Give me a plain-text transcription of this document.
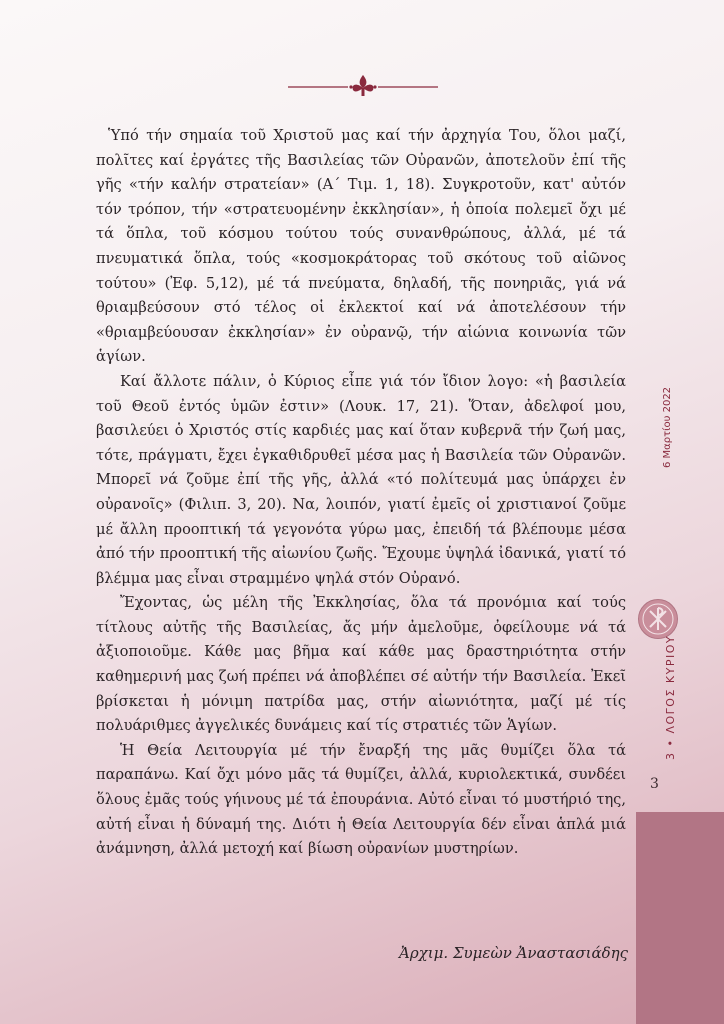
Ὑπό τήν σημαία τοῦ Χριστοῦ μας καί τήν ἀρχηγία Του, ὅλοι μαζί, πολῖτες καί ἐργάτες τῆς Βασιλείας τῶν Οὐρανῶν, ἀποτελοῦν ἐπί τῆς γῆς «τήν καλήν στρατείαν» (Α΄ Τιμ. 1, 18). Συγκροτοῦν, κατ' αὐτόν τόν τρόπον, τήν «στρατευομένην ἐκκλησίαν», ἡ ὁποία πολεμεῖ ὄχι μέ τά ὅπλα, τοῦ κόσμου τούτου τούς συνανθρώπους, ἀλλά, μέ τά πνευματικά ὅπλα, τούς «κοσμοκράτορας τοῦ σκότους τοῦ αἰῶνος τούτου» (Ἐφ. 5,12), μέ τά πνεύματα, δηλαδή, τῆς πονηριᾶς, γιά νά θριαμβεύσουν στό τέλος οἱ ἐκλεκτοί καί νά ἀποτελέσουν τήν «θριαμβεύουσαν ἐκκλησίαν» ἐν οὐρανῷ, τήν αἰώνια κοινωνία τῶν ἁγίων.

Καί ἄλλοτε πάλιν, ὁ Κύριος εἶπε γιά τόν ἴδιον λογο: «ἡ βασιλεία τοῦ Θεοῦ ἐντός ὑμῶν ἐστιν» (Λουκ. 17, 21). Ὅταν, ἀδελφοί μου, βασιλεύει ὁ Χριστός στίς καρδιές μας καί ὅταν κυβερνᾶ τήν ζωή μας, τότε, πράγματι, ἔχει ἐγκαθιδρυθεῖ μέσα μας ἡ Βασιλεία τῶν Οὐρανῶν. Μπορεῖ νά ζοῦμε ἐπί τῆς γῆς, ἀλλά «τό πολίτευμά μας ὑπάρχει ἐν οὐρανοῖς» (Φιλιπ. 3, 20). Να, λοιπόν, γιατί ἐμεῖς οἱ χριστιανοί ζοῦμε μέ ἄλλη προοπτική τά γεγονότα γύρω μας, ἐπειδή τά βλέπουμε μέσα ἀπό τήν προοπτική τῆς αἰωνίου ζωῆς. Ἔχουμε ὑψηλά ἰδανικά, γιατί τό βλέμμα μας εἶναι στραμμένο ψηλά στόν Οὐρανό.

Ἔχοντας, ὡς μέλη τῆς Ἐκκλησίας, ὅλα τά προνόμια καί τούς τίτλους αὐτῆς τῆς Βασιλείας, ἄς μήν ἀμελοῦμε, ὀφείλουμε νά τά ἀξιοποιοῦμε. Κάθε μας βῆμα καί κάθε μας δραστηριότητα στήν καθημερινή μας ζωή πρέπει νά ἀποβλέπει σέ αὐτήν τήν Βασιλεία. Ἐκεῖ βρίσκεται ἡ μόνιμη πατρίδα μας, στήν αἰωνιότητα, μαζί μέ τίς πολυάριθμες ἀγγελικές δυνάμεις καί τίς στρατιές τῶν Ἁγίων.

Ἡ Θεία Λειτουργία μέ τήν ἔναρξή της μᾶς θυμίζει ὅλα τά παραπάνω. Καί ὄχι μόνο μᾶς τά θυμίζει, ἀλλά, κυριολεκτικά, συνδέει ὅλους ἐμᾶς τούς γήινους μέ τά ἐπουράνια. Αὐτό εἶναι τό μυστήριό της, αὐτή εἶναι ἡ δύναμή της. Διότι ἡ Θεία Λειτουργία δέν εἶναι ἁπλά μιά ἀνάμνηση, ἀλλά μετοχή καί βίωση οὐρανίων μυστηρίων.

Ἀρχιμ. Συμεὼν Ἀναστασιάδης
6 Μαρτίου 2022
3 • ΛΟΓΟΣ ΚΥΡΙΟΥ
3
